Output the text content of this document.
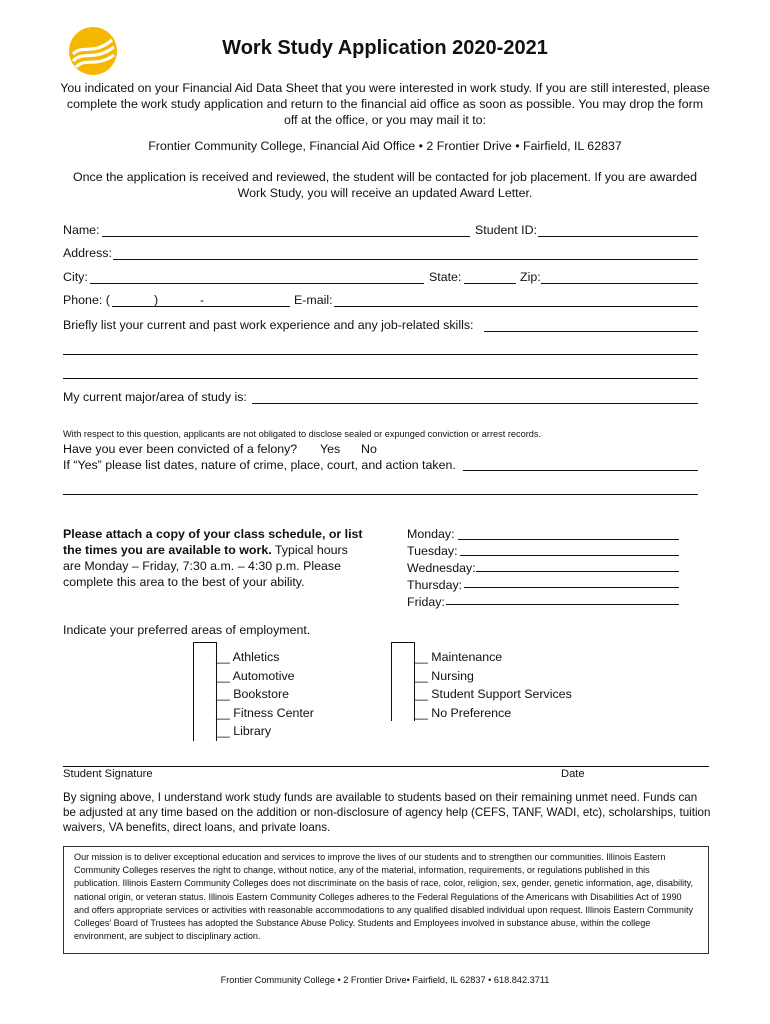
Work Study Application 2020-2021
You indicated on your Financial Aid Data Sheet that you were interested in work study. If you are still interested, please complete the work study application and return to the financial aid office as soon as possible. You may drop the form off at the office, or you may mail it to:
Frontier Community College, Financial Aid Office • 2 Frontier Drive • Fairfield, IL 62837
Once the application is received and reviewed, the student will be contacted for job placement. If you are awarded Work Study, you will receive an updated Award Letter.
Name:	Student ID:
Address:
City:	State:	Zip:
Phone: (	)	-	E-mail:
Briefly list your current and past work experience and any job-related skills:
My current major/area of study is:
With respect to this question, applicants are not obligated to disclose sealed or expunged conviction or arrest records.
Have you ever been convicted of a felony? Yes No
If “Yes” please list dates, nature of crime, place, court, and action taken.
Please attach a copy of your class schedule, or list the times you are available to work. Typical hours are Monday – Friday, 7:30 a.m. – 4:30 p.m. Please complete this area to the best of your ability.
Monday:
Tuesday:
Wednesday:
Thursday:
Friday:
Indicate your preferred areas of employment.
__ Athletics
__ Automotive
__ Bookstore
__ Fitness Center
__ Library
__ Maintenance
__ Nursing
__ Student Support Services
__ No Preference
Student Signature	Date
By signing above, I understand work study funds are available to students based on their remaining unmet need. Funds can be adjusted at any time based on the addition or non-disclosure of agency help (CEFS, TANF, WADI, etc), scholarships, tuition waivers, VA benefits, direct loans, and private loans.
Our mission is to deliver exceptional education and services to improve the lives of our students and to strengthen our communities. Illinois Eastern Community Colleges reserves the right to change, without notice, any of the material, information, requirements, or regulations published in this publication. Illinois Eastern Community Colleges does not discriminate on the basis of race, color, religion, sex, gender, genetic information, age, disability, national origin, or veteran status. Illinois Eastern Community Colleges adheres to the Federal Regulations of the Americans with Disabilities Act of 1990 and offers appropriate services or activities with reasonable accommodations to any qualified disabled individual upon request. Illinois Eastern Community Colleges' Board of Trustees has adopted the Substance Abuse Policy. Students and Employees involved in substance abuse, within the college environment, are subject to disciplinary action.
Frontier Community College • 2 Frontier Drive• Fairfield, IL 62837 • 618.842.3711
